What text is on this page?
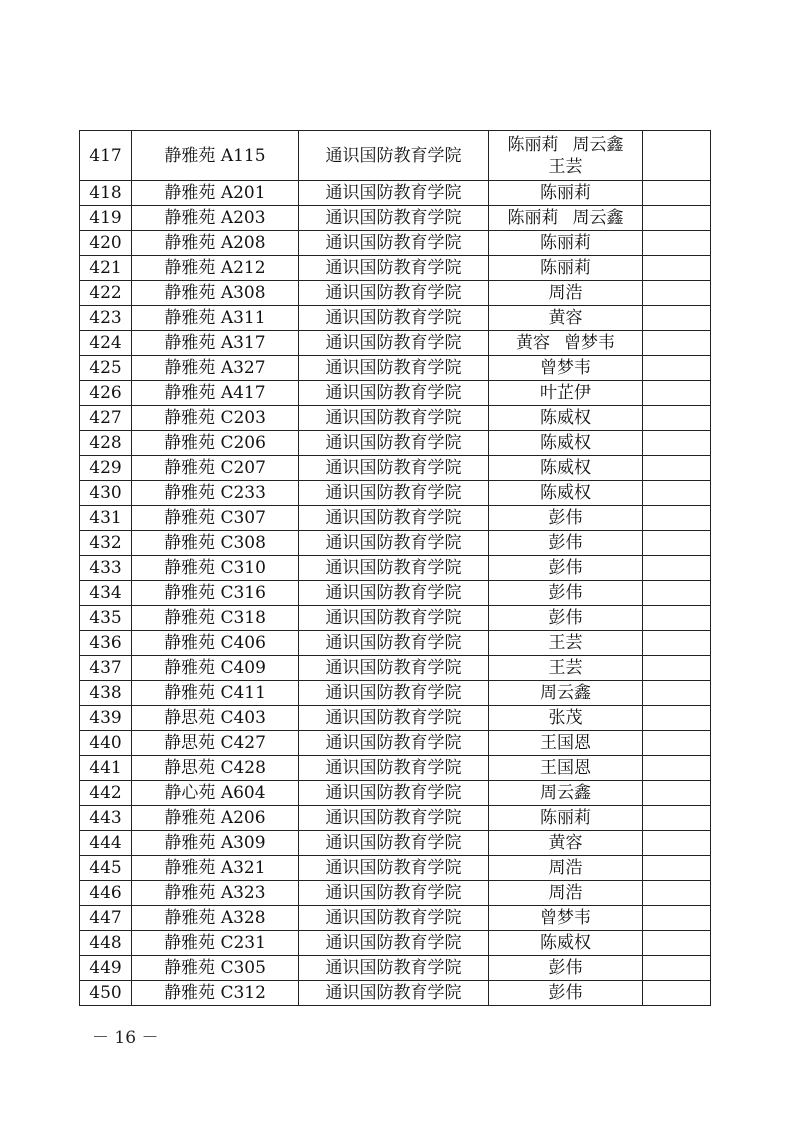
417	静雅苑 A115	通识国防教育学院	陈丽莉 周云鑫
王芸	

418	静雅苑 A201	通识国防教育学院	陈丽莉	
419	静雅苑 A203	通识国防教育学院	陈丽莉 周云鑫	
420	静雅苑 A208	通识国防教育学院	陈丽莉	
421	静雅苑 A212	通识国防教育学院	陈丽莉	
422	静雅苑 A308	通识国防教育学院	周浩	
423	静雅苑 A311	通识国防教育学院	黄容	
424	静雅苑 A317	通识国防教育学院	黄容 曾梦韦	
425	静雅苑 A327	通识国防教育学院	曾梦韦	
426	静雅苑 A417	通识国防教育学院	叶芷伊	
427	静雅苑 C203	通识国防教育学院	陈威权	
428	静雅苑 C206	通识国防教育学院	陈威权	
429	静雅苑 C207	通识国防教育学院	陈威权	
430	静雅苑 C233	通识国防教育学院	陈威权	
431	静雅苑 C307	通识国防教育学院	彭伟	
432	静雅苑 C308	通识国防教育学院	彭伟	
433	静雅苑 C310	通识国防教育学院	彭伟	
434	静雅苑 C316	通识国防教育学院	彭伟	
435	静雅苑 C318	通识国防教育学院	彭伟	
436	静雅苑 C406	通识国防教育学院	王芸	
437	静雅苑 C409	通识国防教育学院	王芸	
438	静雅苑 C411	通识国防教育学院	周云鑫	
439	静思苑 C403	通识国防教育学院	张茂	
440	静思苑 C427	通识国防教育学院	王国恩	
441	静思苑 C428	通识国防教育学院	王国恩	
442	静心苑 A604	通识国防教育学院	周云鑫	
443	静雅苑 A206	通识国防教育学院	陈丽莉	
444	静雅苑 A309	通识国防教育学院	黄容	
445	静雅苑 A321	通识国防教育学院	周浩	
446	静雅苑 A323	通识国防教育学院	周浩	
447	静雅苑 A328	通识国防教育学院	曾梦韦	
448	静雅苑 C231	通识国防教育学院	陈威权	
449	静雅苑 C305	通识国防教育学院	彭伟	
450	静雅苑 C312	通识国防教育学院	彭伟	
－ 16 －
